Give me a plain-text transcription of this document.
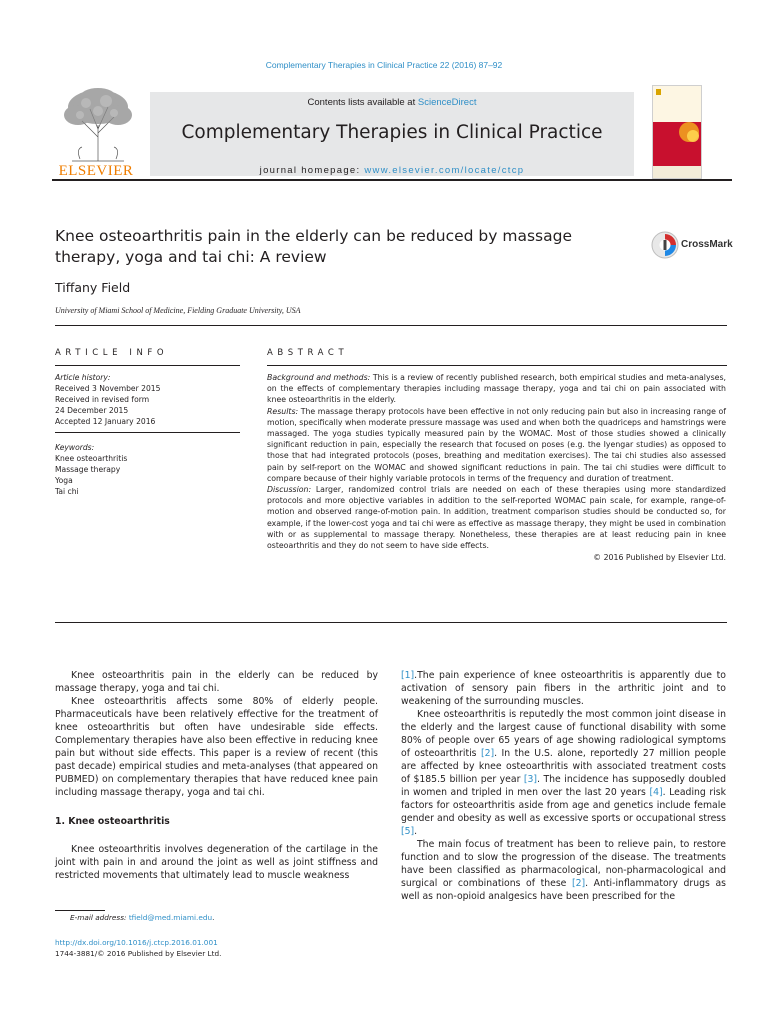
Complementary Therapies in Clinical Practice 22 (2016) 87–92
ELSEVIER
Contents lists available at ScienceDirect
Complementary Therapies in Clinical Practice
journal homepage: www.elsevier.com/locate/ctcp
Knee osteoarthritis pain in the elderly can be reduced by massage therapy, yoga and tai chi: A review
CrossMark
Tiffany Field
University of Miami School of Medicine, Fielding Graduate University, USA
ARTICLE INFO	ABSTRACT
Article history:
Received 3 November 2015
Received in revised form
24 December 2015
Accepted 12 January 2016
Keywords:
Knee osteoarthritis
Massage therapy
Yoga
Tai chi

Background and methods: This is a review of recently published research, both empirical studies and meta-analyses, on the effects of complementary therapies including massage therapy, yoga and tai chi on pain associated with knee osteoarthritis in the elderly.

Results: The massage therapy protocols have been effective in not only reducing pain but also in increasing range of motion, specifically when moderate pressure massage was used and when both the quadriceps and hamstrings were massaged. The yoga studies typically measured pain by the WOMAC. Most of those studies showed a clinically significant reduction in pain, especially the research that focused on poses (e.g. the Iyengar studies) as opposed to those that had integrated protocols (poses, breathing and meditation exercises). The tai chi studies also assessed pain by self-report on the WOMAC and showed significant reductions in pain. The tai chi studies were difficult to compare because of their highly variable protocols in terms of the frequency and duration of treatment.

Discussion: Larger, randomized control trials are needed on each of these therapies using more standardized protocols and more objective variables in addition to the self-reported WOMAC pain scale, for example, range-of-motion and observed range-of-motion pain. In addition, treatment comparison studies should be conducted so, for example, if the lower-cost yoga and tai chi were as effective as massage therapy, they might be used in combination with or as supplemental to massage therapy. Nonetheless, these therapies are at least reducing pain in knee osteoarthritis and they do not seem to have side effects.

© 2016 Published by Elsevier Ltd.

Knee osteoarthritis pain in the elderly can be reduced by massage therapy, yoga and tai chi.

Knee osteoarthritis affects some 80% of elderly people. Pharmaceuticals have been relatively effective for the treatment of knee osteoarthritis but often have undesirable side effects. Complementary therapies have also been effective in reducing knee pain but without side effects. This paper is a review of recent (this past decade) empirical studies and meta-analyses (that appeared on PUBMED) on complementary therapies that have reduced knee pain including massage therapy, yoga and tai chi.

1. Knee osteoarthritis

Knee osteoarthritis involves degeneration of the cartilage in the joint with pain in and around the joint as well as joint stiffness and restricted movements that ultimately lead to muscle weakness

[1].The pain experience of knee osteoarthritis is apparently due to activation of sensory pain fibers in the arthritic joint and to weakening of the surrounding muscles.

Knee osteoarthritis is reputedly the most common joint disease in the elderly and the largest cause of functional disability with some 80% of people over 65 years of age showing radiological symptoms of osteoarthritis [2]. In the U.S. alone, reportedly 27 million people are affected by knee osteoarthritis with associated treatment costs of $185.5 billion per year [3]. The incidence has supposedly doubled in women and tripled in men over the last 20 years [4]. Leading risk factors for osteoarthritis aside from age and genetics include female gender and obesity as well as excessive sports or occupational stress [5].

The main focus of treatment has been to relieve pain, to restore function and to slow the progression of the disease. The treatments have been classified as pharmacological, non-pharmacological and surgical or combinations of these [2]. Anti-inflammatory drugs as well as non-opioid analgesics have been prescribed for the

E-mail address: tfield@med.miami.edu.
http://dx.doi.org/10.1016/j.ctcp.2016.01.001
1744-3881/© 2016 Published by Elsevier Ltd.
